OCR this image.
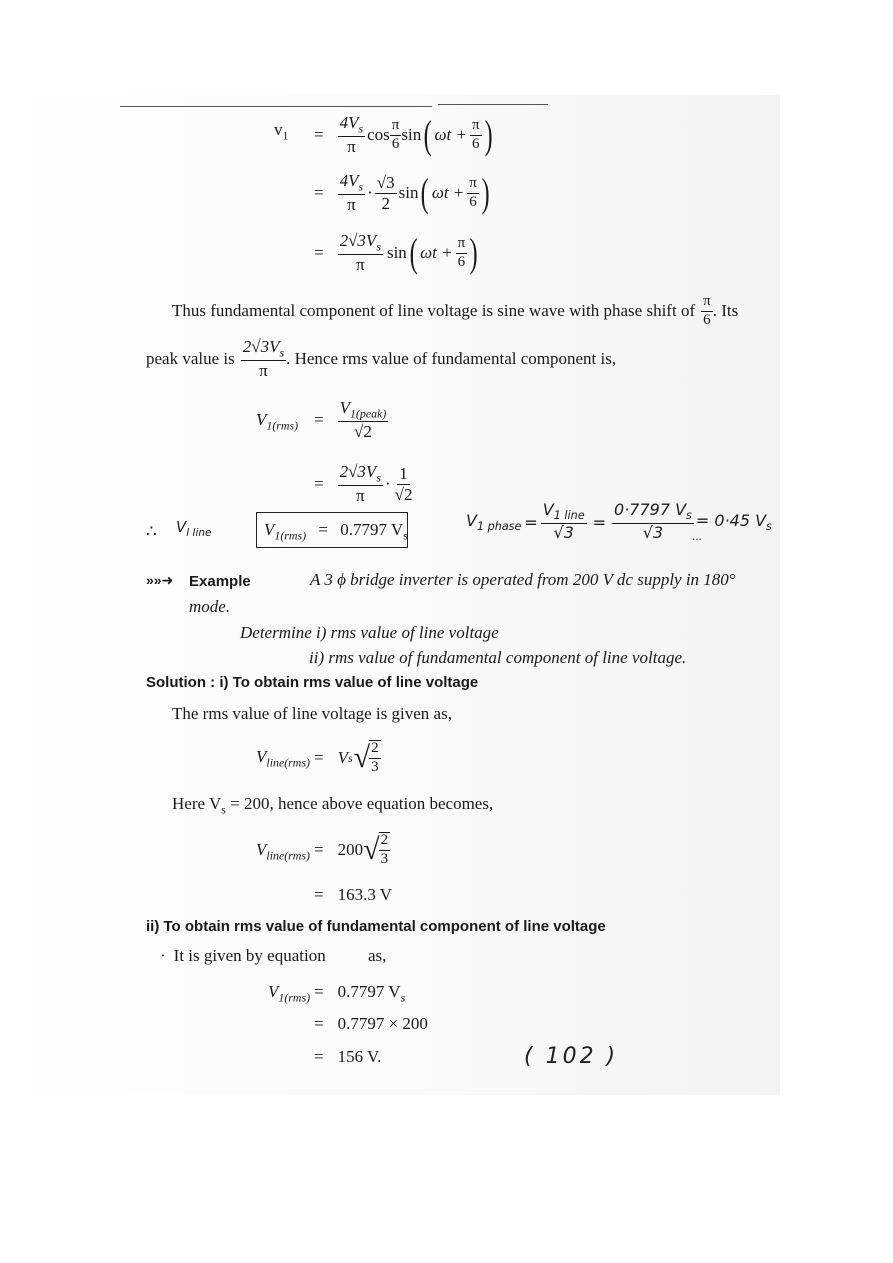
$v_1 = \frac{4V_s}{\pi}$ $\cos \frac{\pi}{6}$ sin ( $\omega t + \frac{\pi}{6}$ )
= $\frac{4V_s}{\pi} \cdot \frac{√3}{2}$ sin ( $\omega t + \frac{\pi}{6}$ )
= $\frac{2√3V_s}{\pi}$ sin ( $\omega t + \frac{\pi}{6}$ )
Thus fundamental component of line voltage is sine wave with phase shift of $\frac{\pi}{6}$ . Its
peak value is $\frac{2√3V_s}{\pi}$ . Hence rms value of fundamental component is,
$V_{1(rms)} = \frac{V_{1(peak)}}{√2}$
= $\frac{2√3V_s}{\pi} \cdot \frac{1}{√2}$
∴ $V_{l line}$	$V_{1(rms)} = 0.7797$ $V_s$
$V_{1 phase} = \frac{V_{1 line}}{√3} = \frac{0\cdot 7797 V_s}{√3} = 0\cdot 45$ $V_s$
...
»»➜ Example	A 3 ϕ bridge inverter is operated from 200 V dc supply in 180°
mode.
Determine i) rms value of line voltage
ii) rms value of fundamental component of line voltage.
Solution : i) To obtain rms value of line voltage
The rms value of line voltage is given as,
$V_{line(rms)} = V$ s √ $\frac{2}{3}$
Here $V_s = 200$, hence above equation becomes,
$V_{line(rms)} = 200$ √ $\frac{2}{3}$
= 163.3 V
ii) To obtain rms value of fundamental component of line voltage
· It is given by equation as,
$V_{1(rms)} = 0.7797$ $V_s$
= 0.7797 × 200
= 156 V.	( 102 )
